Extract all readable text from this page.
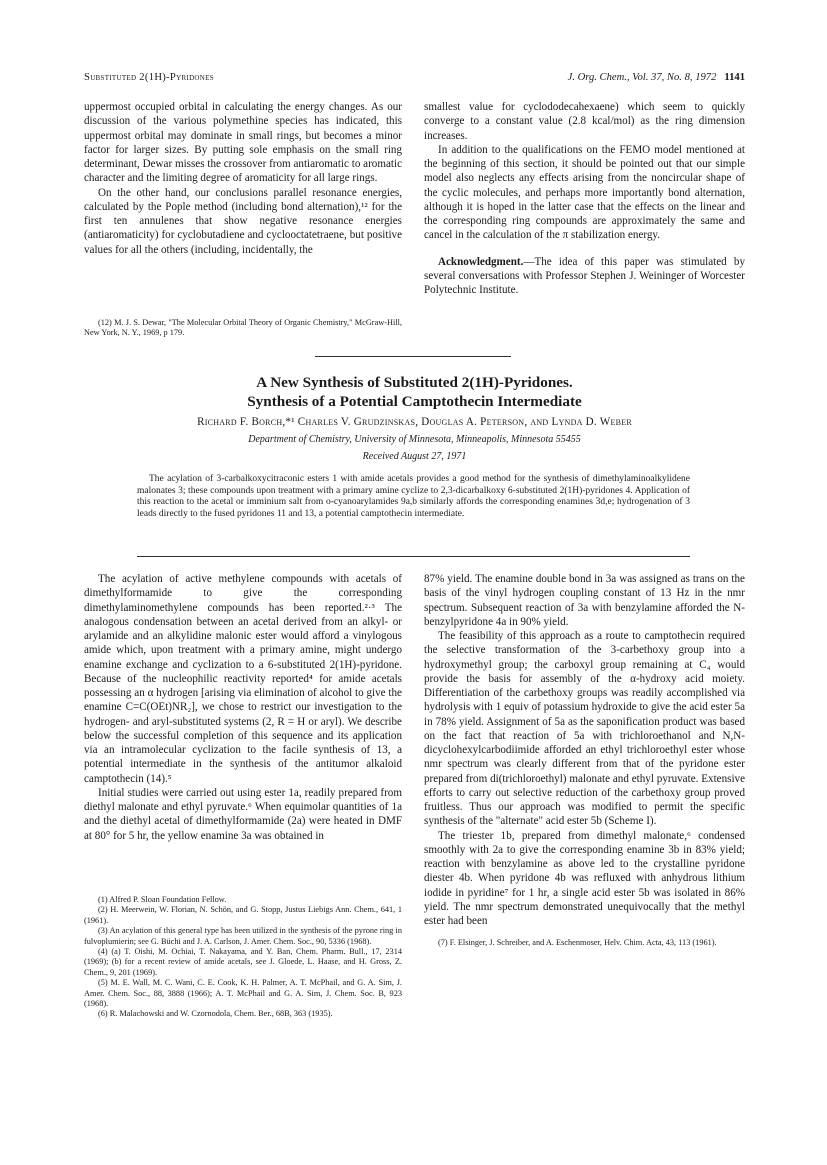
Substituted 2(1H)-Pyridones	J. Org. Chem., Vol. 37, No. 8, 1972 1141

uppermost occupied orbital in calculating the energy changes. As our discussion of the various polymethine species has indicated, this uppermost orbital may dominate in small rings, but becomes a minor factor for larger sizes. By putting sole emphasis on the small ring determinant, Dewar misses the crossover from antiaromatic to aromatic character and the limiting degree of aromaticity for all large rings.

On the other hand, our conclusions parallel resonance energies, calculated by the Pople method (including bond alternation),¹² for the first ten annulenes that show negative resonance energies (antiaromaticity) for cyclobutadiene and cyclooctatetraene, but positive values for all the others (including, incidentally, the

(12) M. J. S. Dewar, "The Molecular Orbital Theory of Organic Chemistry," McGraw-Hill, New York, N. Y., 1969, p 179.

smallest value for cyclododecahexaene) which seem to quickly converge to a constant value (2.8 kcal/mol) as the ring dimension increases.

In addition to the qualifications on the FEMO model mentioned at the beginning of this section, it should be pointed out that our simple model also neglects any effects arising from the noncircular shape of the cyclic molecules, and perhaps more importantly bond alternation, although it is hoped in the latter case that the effects on the linear and the corresponding ring compounds are approximately the same and cancel in the calculation of the π stabilization energy.

Acknowledgment.—The idea of this paper was stimulated by several conversations with Professor Stephen J. Weininger of Worcester Polytechnic Institute.

A New Synthesis of Substituted 2(1H)-Pyridones.
Synthesis of a Potential Camptothecin Intermediate
Richard F. Borch,*¹ Charles V. Grudzinskas, Douglas A. Peterson, and Lynda D. Weber
Department of Chemistry, University of Minnesota, Minneapolis, Minnesota 55455
Received August 27, 1971
The acylation of 3-carbalkoxycitraconic esters 1 with amide acetals provides a good method for the synthesis of dimethylaminoalkylidene malonates 3; these compounds upon treatment with a primary amine cyclize to 2,3-dicarbalkoxy 6-substituted 2(1H)-pyridones 4. Application of this reaction to the acetal or imminium salt from o-cyanoarylamides 9a,b similarly affords the corresponding enamines 3d,e; hydrogenation of 3 leads directly to the fused pyridones 11 and 13, a potential camptothecin intermediate.

The acylation of active methylene compounds with acetals of dimethylformamide to give the corresponding dimethylaminomethylene compounds has been reported.²·³ The analogous condensation between an acetal derived from an alkyl- or arylamide and an alkylidine malonic ester would afford a vinylogous amide which, upon treatment with a primary amine, might undergo enamine exchange and cyclization to a 6-substituted 2(1H)-pyridone. Because of the nucleophilic reactivity reported⁴ for amide acetals possessing an α hydrogen [arising via elimination of alcohol to give the enamine C=C(OEt)NR₂], we chose to restrict our investigation to the hydrogen- and aryl-substituted systems (2, R = H or aryl). We describe below the successful completion of this sequence and its application via an intramolecular cyclization to the facile synthesis of 13, a potential intermediate in the synthesis of the antitumor alkaloid camptothecin (14).⁵

Initial studies were carried out using ester 1a, readily prepared from diethyl malonate and ethyl pyruvate.⁶ When equimolar quantities of 1a and the diethyl acetal of dimethylformamide (2a) were heated in DMF at 80° for 5 hr, the yellow enamine 3a was obtained in

(1) Alfred P. Sloan Foundation Fellow.

(2) H. Meerwein, W. Florian, N. Schön, and G. Stopp, Justus Liebigs Ann. Chem., 641, 1 (1961).

(3) An acylation of this general type has been utilized in the synthesis of the pyrone ring in fulvoplumierin; see G. Büchi and J. A. Carlson, J. Amer. Chem. Soc., 90, 5336 (1968).

(4) (a) T. Oishi, M. Ochiai, T. Nakayama, and Y. Ban, Chem. Pharm. Bull., 17, 2314 (1969); (b) for a recent review of amide acetals, see J. Gloede, L. Haase, and H. Gross, Z. Chem., 9, 201 (1969).

(5) M. E. Wall, M. C. Wani, C. E. Cook, K. H. Palmer, A. T. McPhail, and G. A. Sim, J. Amer. Chem. Soc., 88, 3888 (1966); A. T. McPhail and G. A. Sim, J. Chem. Soc. B, 923 (1968).

(6) R. Malachowski and W. Czornodola, Chem. Ber., 68B, 363 (1935).

87% yield. The enamine double bond in 3a was assigned as trans on the basis of the vinyl hydrogen coupling constant of 13 Hz in the nmr spectrum. Subsequent reaction of 3a with benzylamine afforded the N-benzylpyridone 4a in 90% yield.

The feasibility of this approach as a route to camptothecin required the selective transformation of the 3-carbethoxy group into a hydroxymethyl group; the carboxyl group remaining at C₄ would provide the basis for assembly of the α-hydroxy acid moiety. Differentiation of the carbethoxy groups was readily accomplished via hydrolysis with 1 equiv of potassium hydroxide to give the acid ester 5a in 78% yield. Assignment of 5a as the saponification product was based on the fact that reaction of 5a with trichloroethanol and N,N-dicyclohexylcarbodiimide afforded an ethyl trichloroethyl ester whose nmr spectrum was clearly different from that of the pyridone ester prepared from di(trichloroethyl) malonate and ethyl pyruvate. Extensive efforts to carry out selective reduction of the carbethoxy group proved fruitless. Thus our approach was modified to permit the specific synthesis of the "alternate" acid ester 5b (Scheme I).

The triester 1b, prepared from dimethyl malonate,⁶ condensed smoothly with 2a to give the corresponding enamine 3b in 83% yield; reaction with benzylamine as above led to the crystalline pyridone diester 4b. When pyridone 4b was refluxed with anhydrous lithium iodide in pyridine⁷ for 1 hr, a single acid ester 5b was isolated in 86% yield. The nmr spectrum demonstrated unequivocally that the methyl ester had been

(7) F. Elsinger, J. Schreiber, and A. Eschenmoser, Helv. Chim. Acta, 43, 113 (1961).
